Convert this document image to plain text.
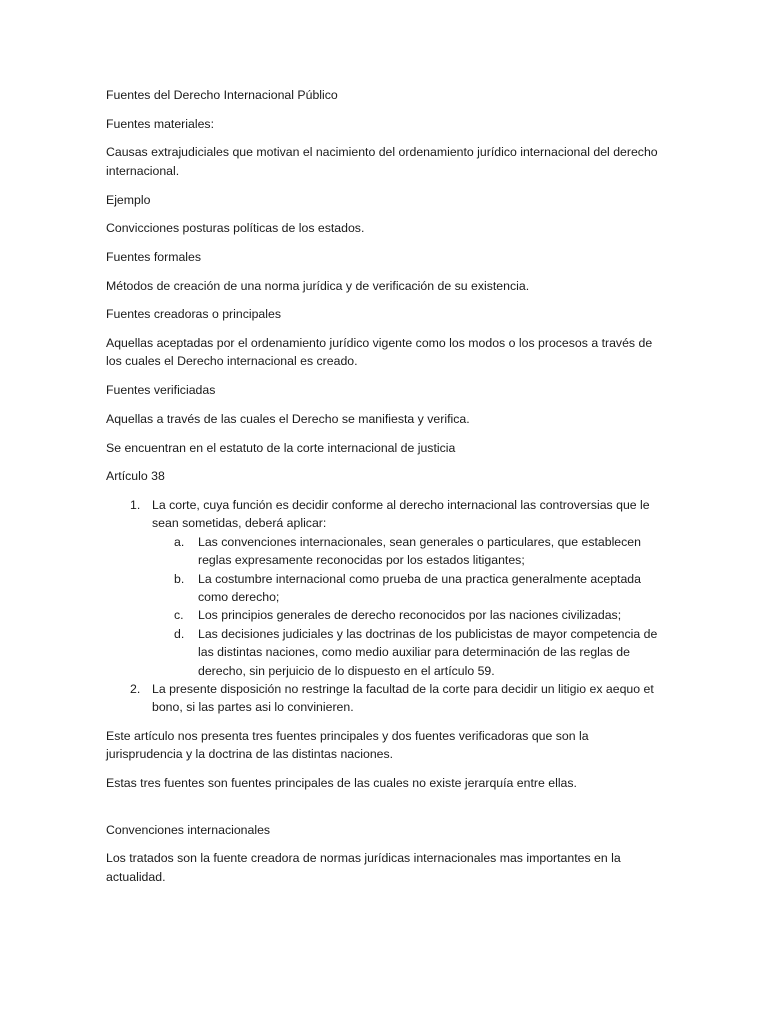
Fuentes del Derecho Internacional Público

Fuentes materiales:

Causas extrajudiciales que motivan el nacimiento del ordenamiento jurídico internacional del derecho internacional.

Ejemplo

Convicciones posturas políticas de los estados.

Fuentes formales

Métodos de creación de una norma jurídica y de verificación de su existencia.

Fuentes creadoras o principales

Aquellas aceptadas por el ordenamiento jurídico vigente como los modos o los procesos a través de los cuales el Derecho internacional es creado.

Fuentes verificiadas

Aquellas a través de las cuales el Derecho se manifiesta y verifica.

Se encuentran en el estatuto de la corte internacional de justicia

Artículo 38

1. La corte, cuya función es decidir conforme al derecho internacional las controversias que le sean sometidas, deberá aplicar:
a. Las convenciones internacionales, sean generales o particulares, que establecen reglas expresamente reconocidas por los estados litigantes;
b. La costumbre internacional como prueba de una practica generalmente aceptada como derecho;
c. Los principios generales de derecho reconocidos por las naciones civilizadas;
d. Las decisiones judiciales y las doctrinas de los publicistas de mayor competencia de las distintas naciones, como medio auxiliar para determinación de las reglas de derecho, sin perjuicio de lo dispuesto en el artículo 59.
2. La presente disposición no restringe la facultad de la corte para decidir un litigio ex aequo et bono, si las partes asi lo convinieren.

Este artículo nos presenta tres fuentes principales y dos fuentes verificadoras que son la jurisprudencia y la doctrina de las distintas naciones.

Estas tres fuentes son fuentes principales de las cuales no existe jerarquía entre ellas.

Convenciones internacionales

Los tratados son la fuente creadora de normas jurídicas internacionales mas importantes en la actualidad.
